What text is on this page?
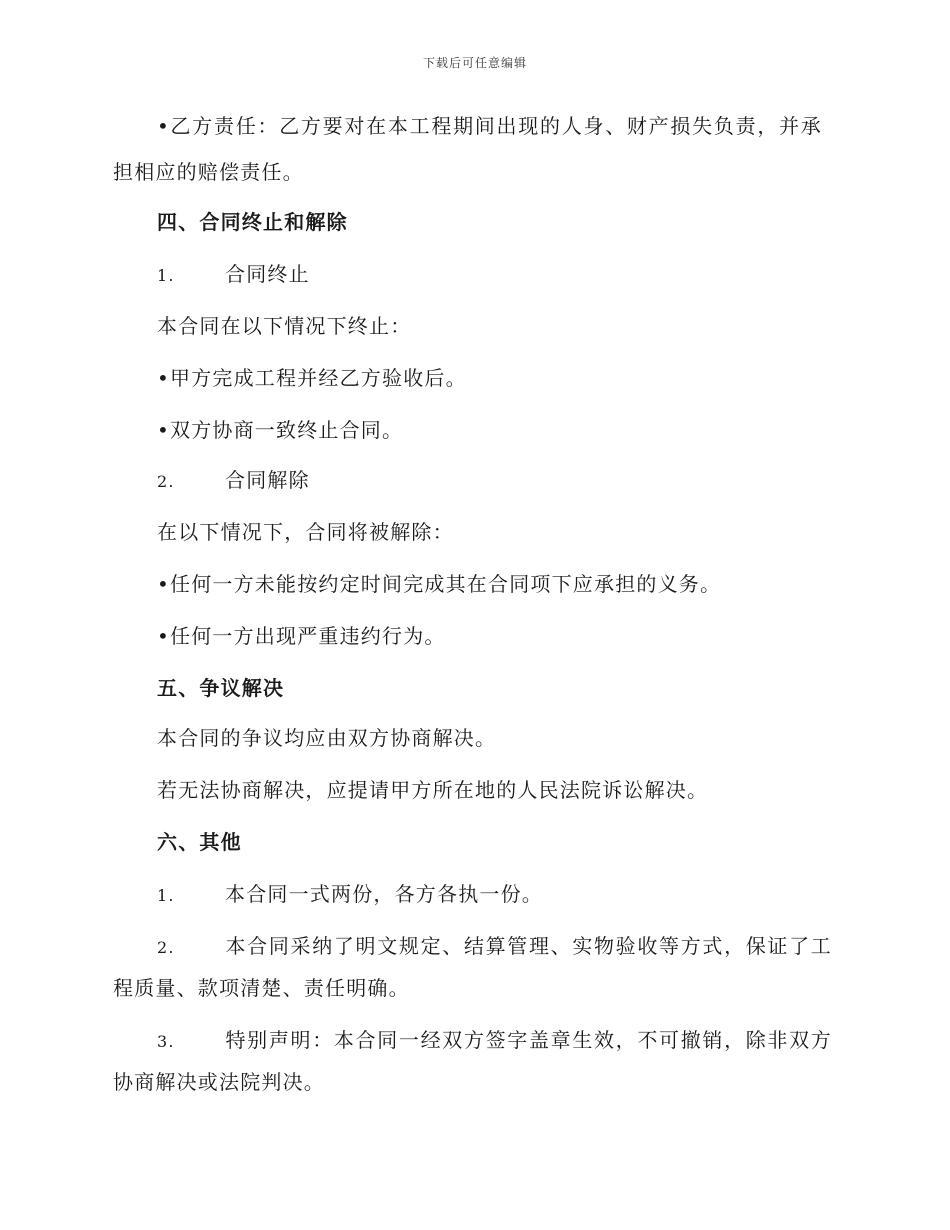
下载后可任意编辑
•乙方责任：乙方要对在本工程期间出现的人身、财产损失负责，并承
担相应的赔偿责任。
四、合同终止和解除
1.	合同终止
本合同在以下情况下终止：
•甲方完成工程并经乙方验收后。
•双方协商一致终止合同。
2.	合同解除
在以下情况下，合同将被解除：
•任何一方未能按约定时间完成其在合同项下应承担的义务。
•任何一方出现严重违约行为。
五、争议解决
本合同的争议均应由双方协商解决。
若无法协商解决，应提请甲方所在地的人民法院诉讼解决。
六、其他
1.	本合同一式两份，各方各执一份。
2.	本合同采纳了明文规定、结算管理、实物验收等方式，保证了工
程质量、款项清楚、责任明确。
3.	特别声明：本合同一经双方签字盖章生效，不可撤销，除非双方
协商解决或法院判决。
